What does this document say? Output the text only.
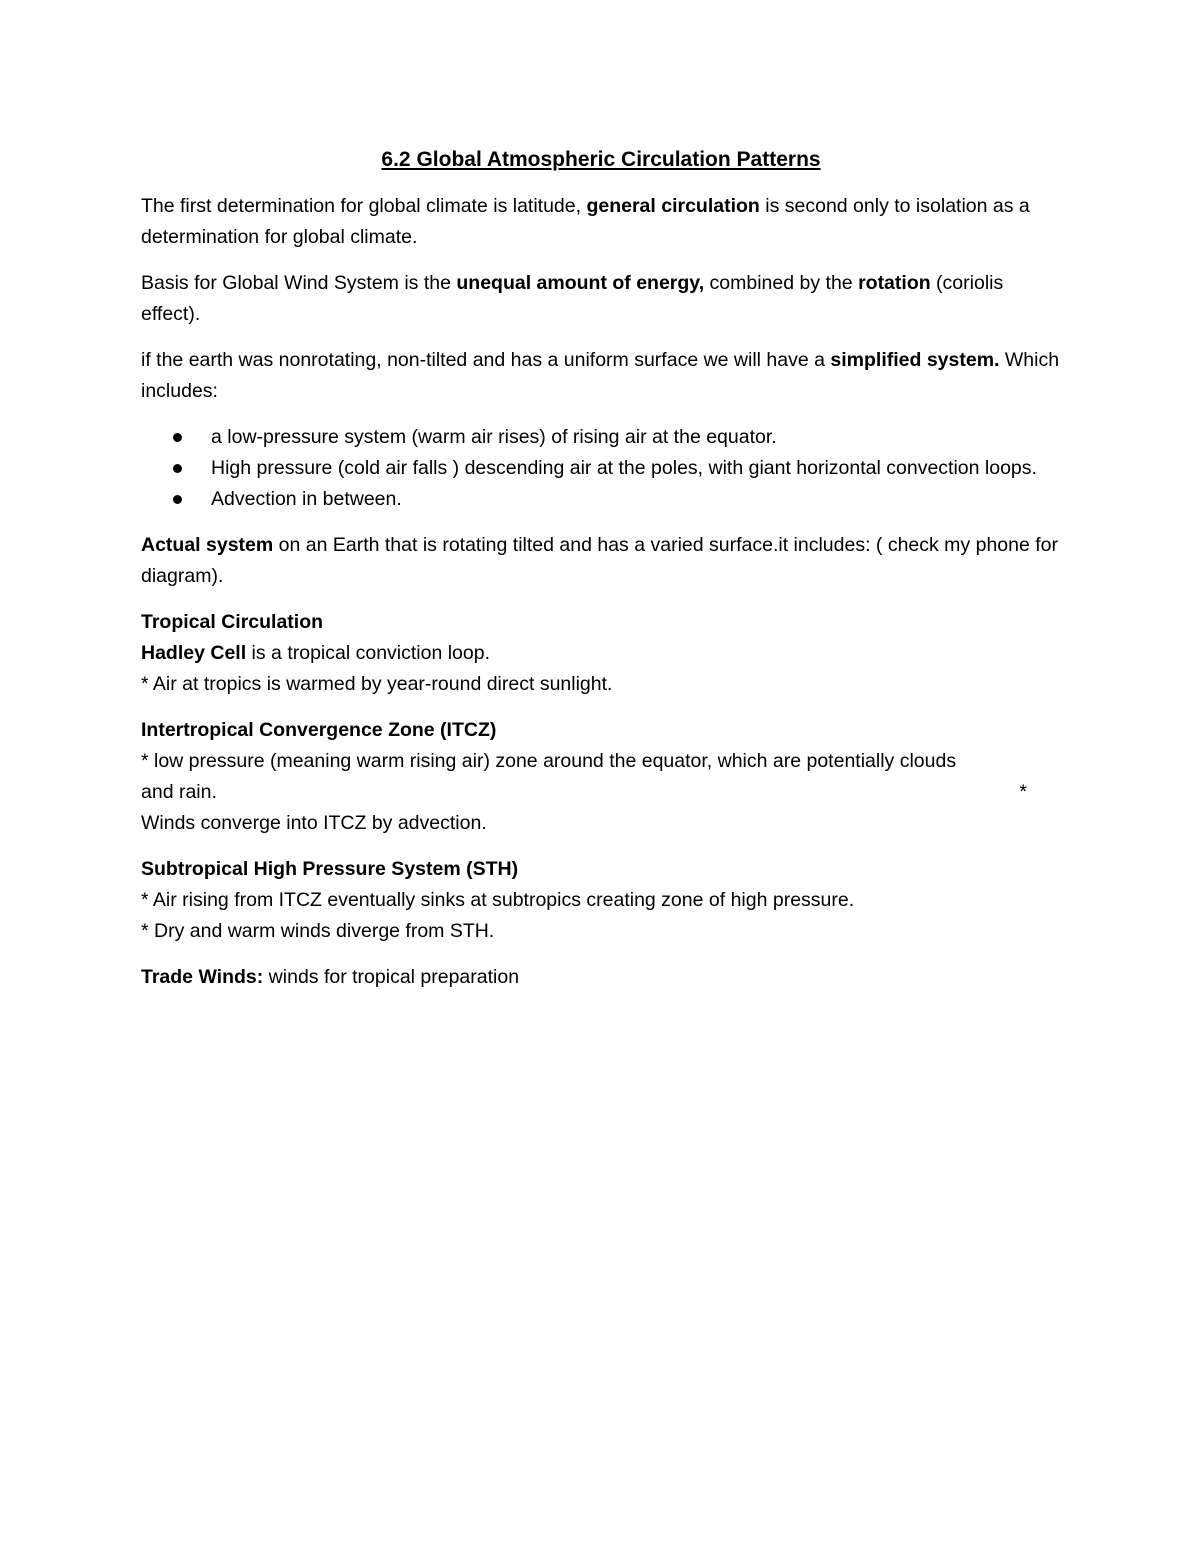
6.2 Global Atmospheric Circulation Patterns

The first determination for global climate is latitude, general circulation is second only to isolation as a determination for global climate.

Basis for Global Wind System is the unequal amount of energy, combined by the rotation (coriolis effect).

if the earth was nonrotating, non-tilted and has a uniform surface we will have a simplified system. Which includes:

a low-pressure system (warm air rises) of rising air at the equator.
High pressure (cold air falls ) descending air at the poles, with giant horizontal convection loops.
Advection in between.

Actual system on an Earth that is rotating tilted and has a varied surface.it includes: ( check my phone for diagram).

Tropical Circulation
Hadley Cell is a tropical conviction loop.
* Air at tropics is warmed by year-round direct sunlight.
Intertropical Convergence Zone (ITCZ)
* low pressure (meaning warm rising air) zone around the equator, which are potentially clouds
and rain.	*
Winds converge into ITCZ by advection.
Subtropical High Pressure System (STH)
* Air rising from ITCZ eventually sinks at subtropics creating zone of high pressure.
* Dry and warm winds diverge from STH.

Trade Winds: winds for tropical preparation
